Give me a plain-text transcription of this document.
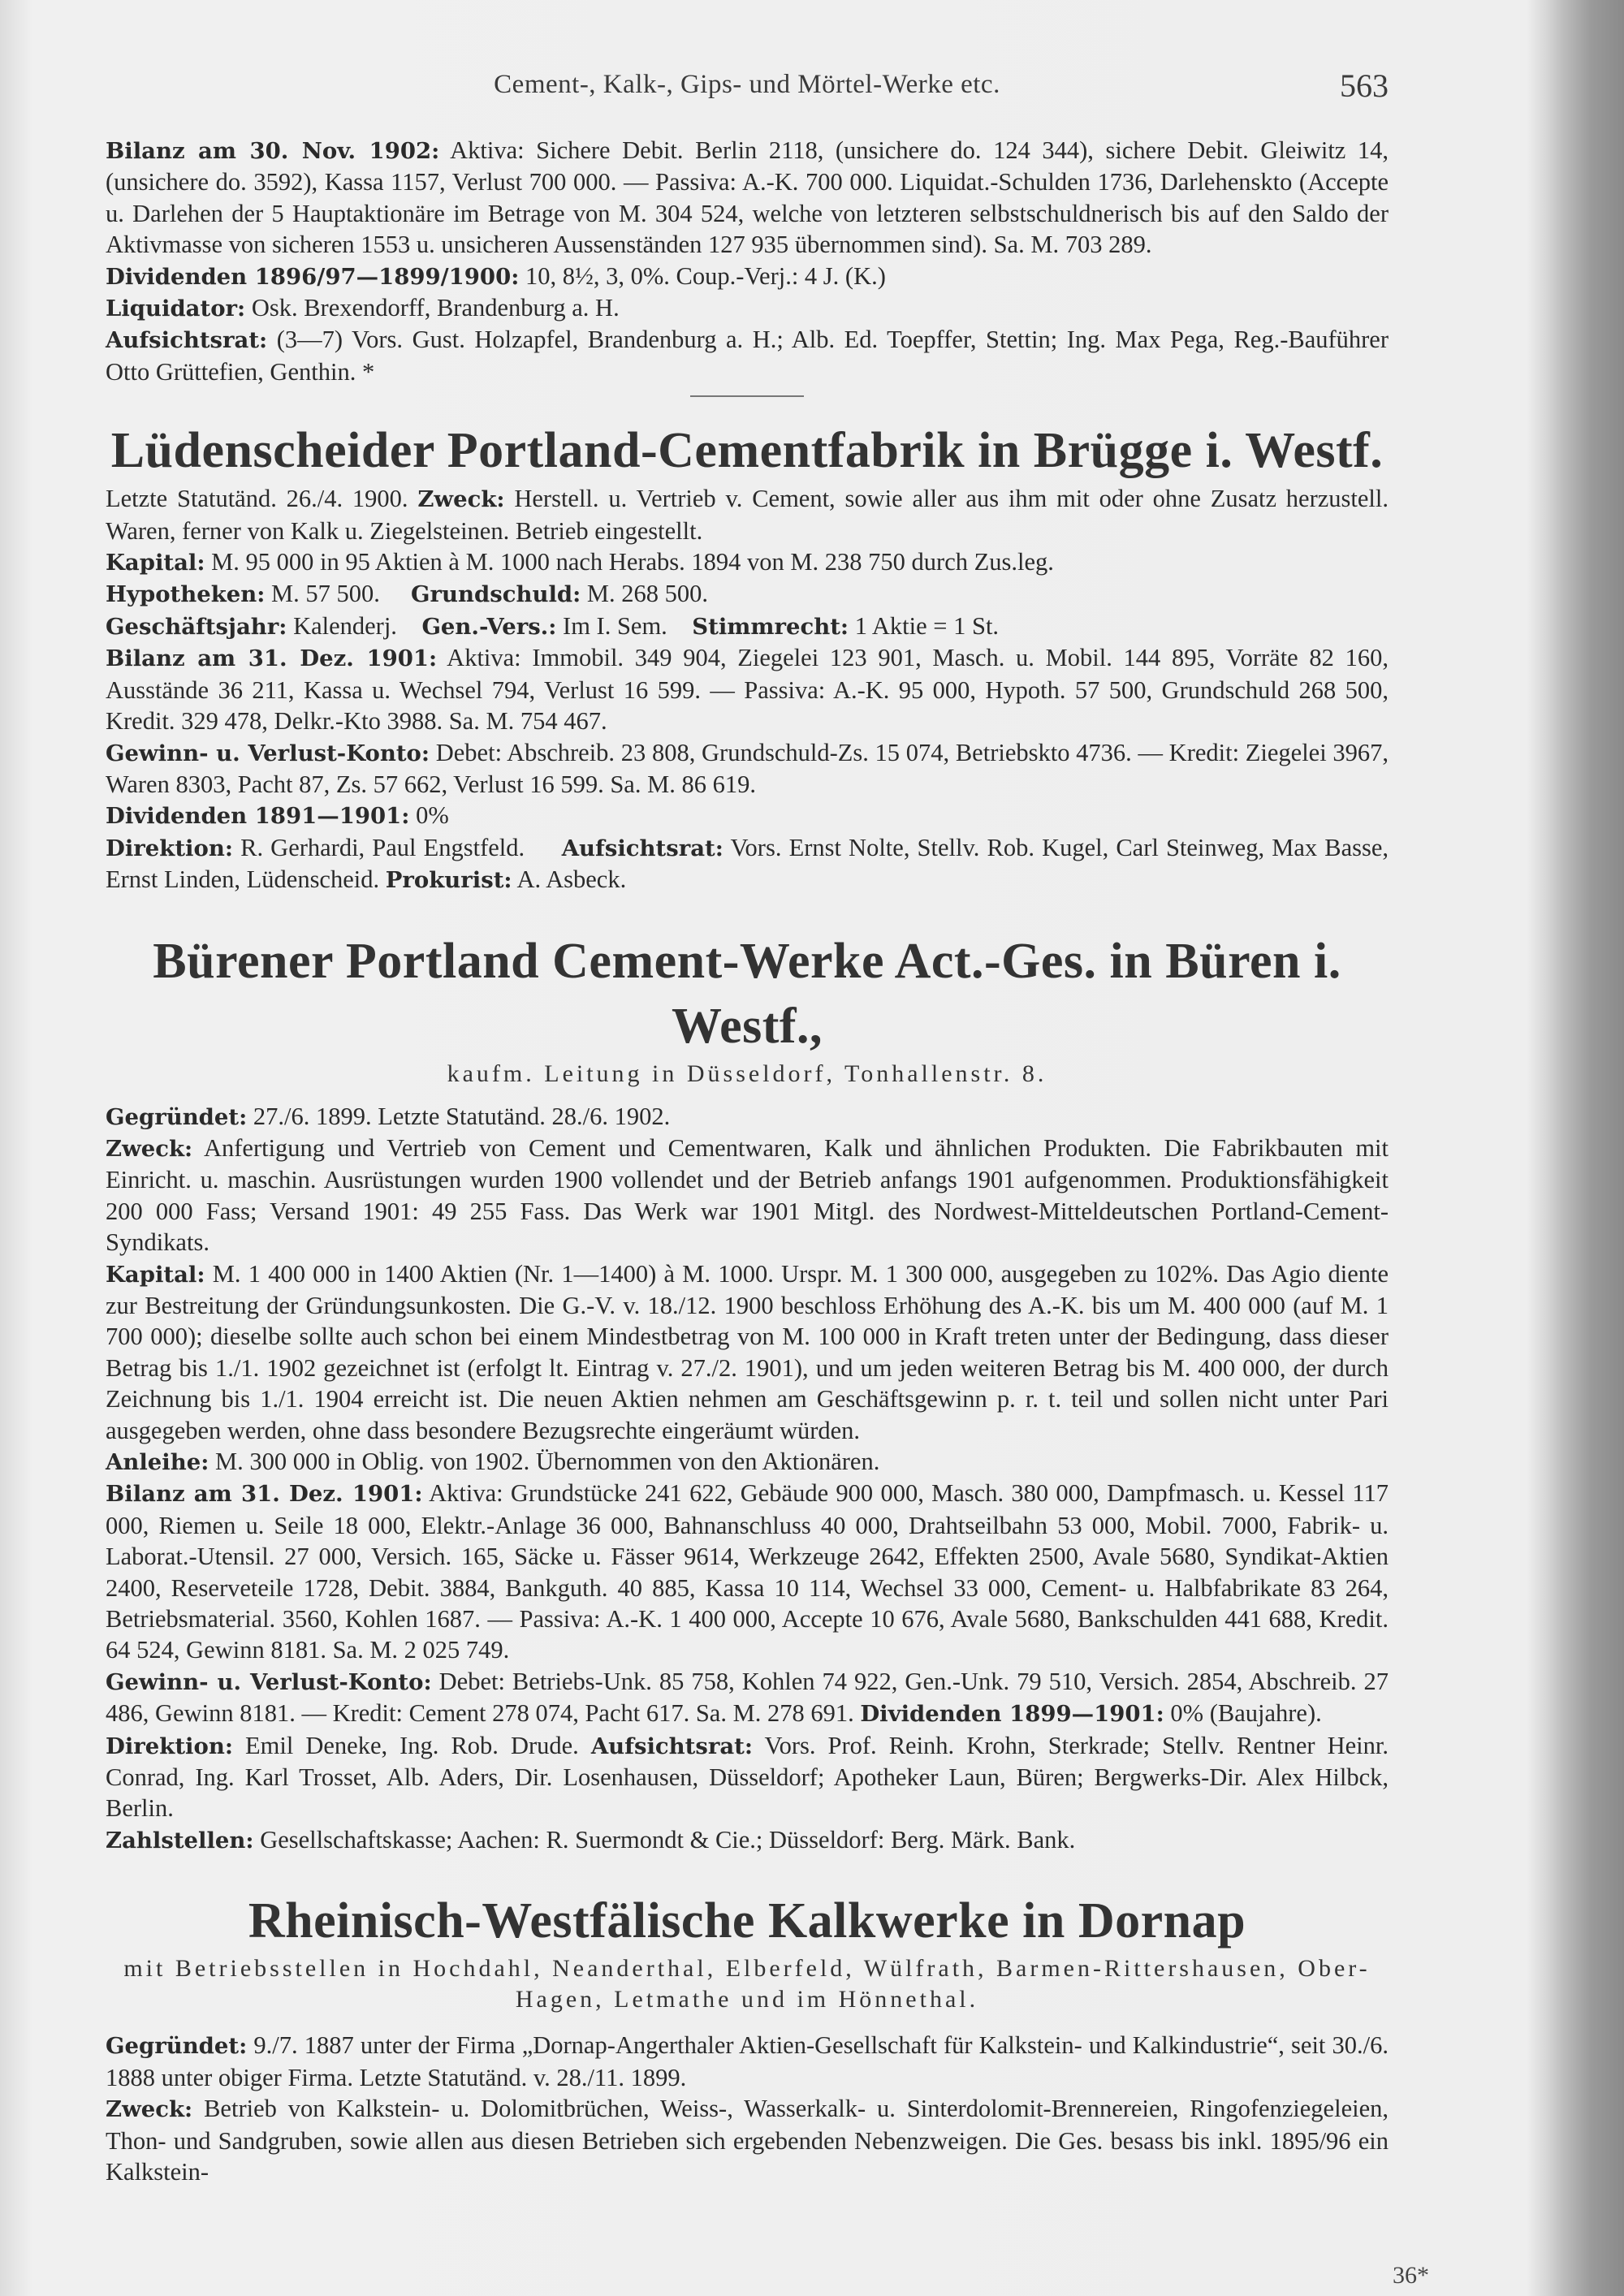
Cement-, Kalk-, Gips- und Mörtel-Werke etc.	563

Bilanz am 30. Nov. 1902: Aktiva: Sichere Debit. Berlin 2118, (unsichere do. 124 344), sichere Debit. Gleiwitz 14, (unsichere do. 3592), Kassa 1157, Verlust 700 000. — Passiva: A.-K. 700 000. Liquidat.-Schulden 1736, Darlehenskto (Accepte u. Darlehen der 5 Hauptaktionäre im Betrage von M. 304 524, welche von letzteren selbstschuldnerisch bis auf den Saldo der Aktivmasse von sicheren 1553 u. unsicheren Aussenständen 127 935 übernommen sind). Sa. M. 703 289.

Dividenden 1896/97—1899/1900: 10, 8½, 3, 0%. Coup.-Verj.: 4 J. (K.)

Liquidator: Osk. Brexendorff, Brandenburg a. H.

Aufsichtsrat: (3—7) Vors. Gust. Holzapfel, Brandenburg a. H.; Alb. Ed. Toepffer, Stettin; Ing. Max Pega, Reg.-Bauführer Otto Grüttefien, Genthin. *

Lüdenscheider Portland-Cementfabrik in Brügge i. Westf.

Letzte Statutänd. 26./4. 1900. Zweck: Herstell. u. Vertrieb v. Cement, sowie aller aus ihm mit oder ohne Zusatz herzustell. Waren, ferner von Kalk u. Ziegelsteinen. Betrieb eingestellt.

Kapital: M. 95 000 in 95 Aktien à M. 1000 nach Herabs. 1894 von M. 238 750 durch Zus.leg.

Hypotheken: M. 57 500.     Grundschuld: M. 268 500.

Geschäftsjahr: Kalenderj.    Gen.-Vers.: Im I. Sem.    Stimmrecht: 1 Aktie = 1 St.

Bilanz am 31. Dez. 1901: Aktiva: Immobil. 349 904, Ziegelei 123 901, Masch. u. Mobil. 144 895, Vorräte 82 160, Ausstände 36 211, Kassa u. Wechsel 794, Verlust 16 599. — Passiva: A.-K. 95 000, Hypoth. 57 500, Grundschuld 268 500, Kredit. 329 478, Delkr.-Kto 3988. Sa. M. 754 467.

Gewinn- u. Verlust-Konto: Debet: Abschreib. 23 808, Grundschuld-Zs. 15 074, Betriebskto 4736. — Kredit: Ziegelei 3967, Waren 8303, Pacht 87, Zs. 57 662, Verlust 16 599. Sa. M. 86 619.

Dividenden 1891—1901: 0%

Direktion: R. Gerhardi, Paul Engstfeld.     Aufsichtsrat: Vors. Ernst Nolte, Stellv. Rob. Kugel, Carl Steinweg, Max Basse, Ernst Linden, Lüdenscheid. Prokurist: A. Asbeck.

Bürener Portland Cement-Werke Act.-Ges. in Büren i. Westf.,

kaufm. Leitung in Düsseldorf, Tonhallenstr. 8.

Gegründet: 27./6. 1899. Letzte Statutänd. 28./6. 1902.

Zweck: Anfertigung und Vertrieb von Cement und Cementwaren, Kalk und ähnlichen Produkten. Die Fabrikbauten mit Einricht. u. maschin. Ausrüstungen wurden 1900 vollendet und der Betrieb anfangs 1901 aufgenommen. Produktionsfähigkeit 200 000 Fass; Versand 1901: 49 255 Fass. Das Werk war 1901 Mitgl. des Nordwest-Mitteldeutschen Portland-Cement-Syndikats.

Kapital: M. 1 400 000 in 1400 Aktien (Nr. 1—1400) à M. 1000. Urspr. M. 1 300 000, ausgegeben zu 102%. Das Agio diente zur Bestreitung der Gründungsunkosten. Die G.-V. v. 18./12. 1900 beschloss Erhöhung des A.-K. bis um M. 400 000 (auf M. 1 700 000); dieselbe sollte auch schon bei einem Mindestbetrag von M. 100 000 in Kraft treten unter der Bedingung, dass dieser Betrag bis 1./1. 1902 gezeichnet ist (erfolgt lt. Eintrag v. 27./2. 1901), und um jeden weiteren Betrag bis M. 400 000, der durch Zeichnung bis 1./1. 1904 erreicht ist. Die neuen Aktien nehmen am Geschäftsgewinn p. r. t. teil und sollen nicht unter Pari ausgegeben werden, ohne dass besondere Bezugsrechte eingeräumt würden.

Anleihe: M. 300 000 in Oblig. von 1902. Übernommen von den Aktionären.

Bilanz am 31. Dez. 1901: Aktiva: Grundstücke 241 622, Gebäude 900 000, Masch. 380 000, Dampfmasch. u. Kessel 117 000, Riemen u. Seile 18 000, Elektr.-Anlage 36 000, Bahnanschluss 40 000, Drahtseilbahn 53 000, Mobil. 7000, Fabrik- u. Laborat.-Utensil. 27 000, Versich. 165, Säcke u. Fässer 9614, Werkzeuge 2642, Effekten 2500, Avale 5680, Syndikat-Aktien 2400, Reserveteile 1728, Debit. 3884, Bankguth. 40 885, Kassa 10 114, Wechsel 33 000, Cement- u. Halbfabrikate 83 264, Betriebsmaterial. 3560, Kohlen 1687. — Passiva: A.-K. 1 400 000, Accepte 10 676, Avale 5680, Bankschulden 441 688, Kredit. 64 524, Gewinn 8181. Sa. M. 2 025 749.

Gewinn- u. Verlust-Konto: Debet: Betriebs-Unk. 85 758, Kohlen 74 922, Gen.-Unk. 79 510, Versich. 2854, Abschreib. 27 486, Gewinn 8181. — Kredit: Cement 278 074, Pacht 617. Sa. M. 278 691. Dividenden 1899—1901: 0% (Baujahre).

Direktion: Emil Deneke, Ing. Rob. Drude. Aufsichtsrat: Vors. Prof. Reinh. Krohn, Sterkrade; Stellv. Rentner Heinr. Conrad, Ing. Karl Trosset, Alb. Aders, Dir. Losenhausen, Düsseldorf; Apotheker Laun, Büren; Bergwerks-Dir. Alex Hilbck, Berlin.

Zahlstellen: Gesellschaftskasse; Aachen: R. Suermondt & Cie.; Düsseldorf: Berg. Märk. Bank.

Rheinisch-Westfälische Kalkwerke in Dornap

mit Betriebsstellen in Hochdahl, Neanderthal, Elberfeld, Wülfrath, Barmen-Rittershausen, Ober-Hagen, Letmathe und im Hönnethal.

Gegründet: 9./7. 1887 unter der Firma „Dornap-Angerthaler Aktien-Gesellschaft für Kalkstein- und Kalkindustrie“, seit 30./6. 1888 unter obiger Firma. Letzte Statutänd. v. 28./11. 1899.

Zweck: Betrieb von Kalkstein- u. Dolomitbrüchen, Weiss-, Wasserkalk- u. Sinterdolomit-Brennereien, Ringofenziegeleien, Thon- und Sandgruben, sowie allen aus diesen Betrieben sich ergebenden Nebenzweigen. Die Ges. besass bis inkl. 1895/96 ein Kalkstein-

36*
